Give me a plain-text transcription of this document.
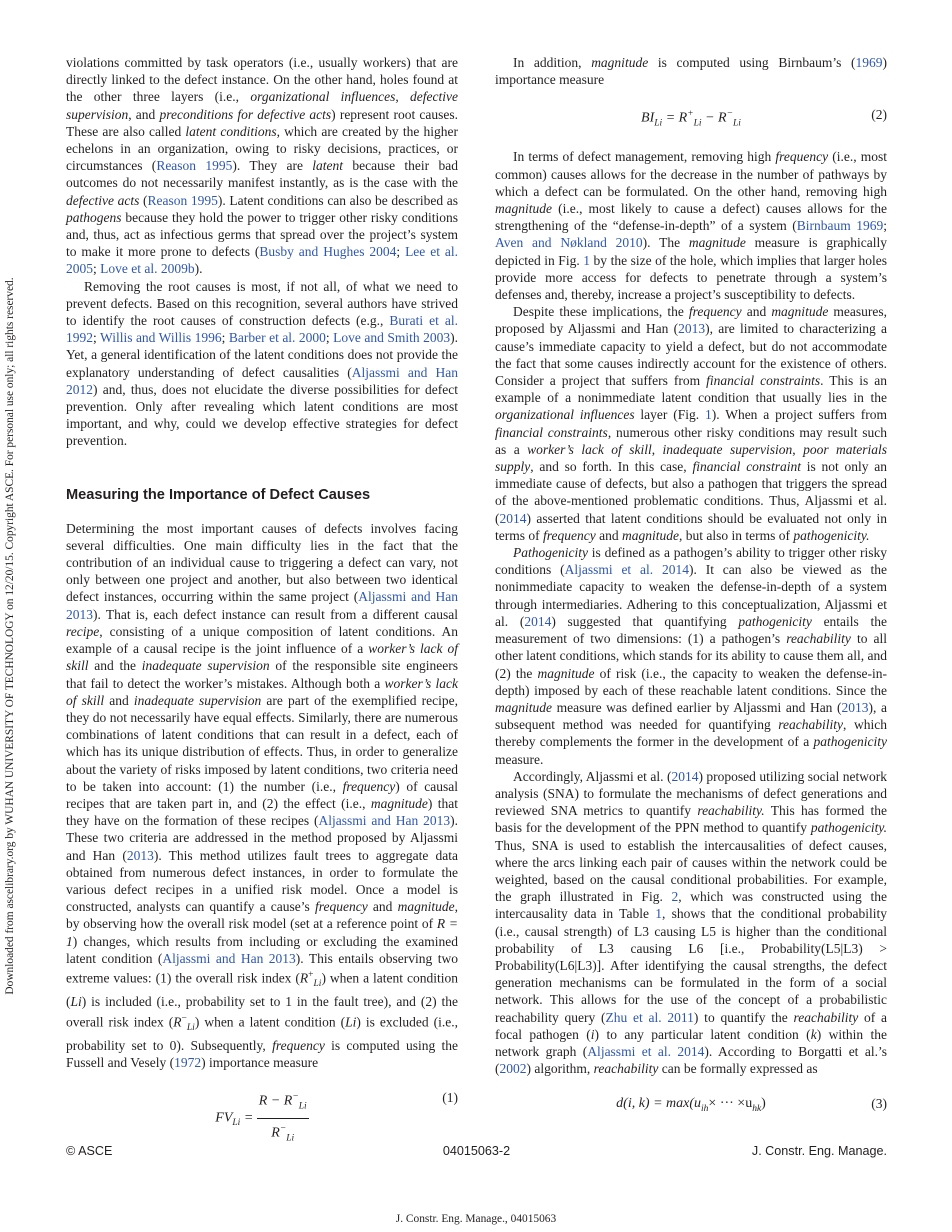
Downloaded from ascelibrary.org by WUHAN UNIVERSITY OF TECHNOLOGY on 12/20/15. Copyright ASCE. For personal use only; all rights reserved.

violations committed by task operators (i.e., usually workers) that are directly linked to the defect instance. On the other hand, holes found at the other three layers (i.e., organizational influences, defective supervision, and preconditions for defective acts) represent root causes. These are also called latent conditions, which are created by the higher echelons in an organization, owing to risky decisions, practices, or circumstances (Reason 1995). They are latent because their bad outcomes do not necessarily manifest instantly, as is the case with the defective acts (Reason 1995). Latent conditions can also be described as pathogens because they hold the power to trigger other risky conditions and, thus, act as infectious germs that spread over the project’s system to make it more prone to defects (Busby and Hughes 2004; Lee et al. 2005; Love et al. 2009b).

Removing the root causes is most, if not all, of what we need to prevent defects. Based on this recognition, several authors have strived to identify the root causes of construction defects (e.g., Burati et al. 1992; Willis and Willis 1996; Barber et al. 2000; Love and Smith 2003). Yet, a general identification of the latent conditions does not provide the explanatory understanding of defect causalities (Aljassmi and Han 2012) and, thus, does not elucidate the diverse possibilities for defect prevention. Only after revealing which latent conditions are most important, and why, could we develop effective strategies for defect prevention.

Measuring the Importance of Defect Causes

Determining the most important causes of defects involves facing several difficulties. One main difficulty lies in the fact that the contribution of an individual cause to triggering a defect can vary, not only between one project and another, but also between two identical defect instances, occurring within the same project (Aljassmi and Han 2013). That is, each defect instance can result from a different causal recipe, consisting of a unique composition of latent conditions. An example of a causal recipe is the joint influence of a worker’s lack of skill and the inadequate supervision of the responsible site engineers that fail to detect the worker’s mistakes. Although both a worker’s lack of skill and inadequate supervision are part of the exemplified recipe, they do not necessarily have equal effects. Similarly, there are numerous combinations of latent conditions that can result in a defect, each of which has its unique distribution of effects. Thus, in order to generalize about the variety of risks imposed by latent conditions, two criteria need to be taken into account: (1) the number (i.e., frequency) of causal recipes that are taken part in, and (2) the effect (i.e., magnitude) that they have on the formation of these recipes (Aljassmi and Han 2013). These two criteria are addressed in the method proposed by Aljassmi and Han (2013). This method utilizes fault trees to aggregate data obtained from numerous defect instances, in order to formulate the various defect recipes in a unified risk model. Once a model is constructed, analysts can quantify a cause’s frequency and magnitude, by observing how the overall risk model (set at a reference point of R = 1) changes, which results from including or excluding the examined latent condition (Aljassmi and Han 2013). This entails observing two extreme values: (1) the overall risk index $(R^+_{Li})$ when a latent condition (Li) is included (i.e., probability set to 1 in the fault tree), and (2) the overall risk index $(R^-_{Li})$ when a latent condition (Li) is excluded (i.e., probability set to 0). Subsequently, frequency is computed using the Fussell and Vesely (1972) importance measure

$FV_{Li} = \frac{R - R^-_{Li}}{R^-_{Li}}$	(1)

In addition, magnitude is computed using Birnbaum’s (1969) importance measure

$BI_{Li} = R^+_{Li} - R^-_{Li}$
(2)

In terms of defect management, removing high frequency (i.e., most common) causes allows for the decrease in the number of pathways by which a defect can be formulated. On the other hand, removing high magnitude (i.e., most likely to cause a defect) causes allows for the strengthening of the “defense-in-depth” of a system (Birnbaum 1969; Aven and Nøkland 2010). The magnitude measure is graphically depicted in Fig. 1 by the size of the hole, which implies that larger holes provide more access for defects to penetrate through a system’s defenses and, thereby, increase a project’s susceptibility to defects.

Despite these implications, the frequency and magnitude measures, proposed by Aljassmi and Han (2013), are limited to characterizing a cause’s immediate capacity to yield a defect, but do not accommodate the fact that some causes indirectly account for the existence of others. Consider a project that suffers from financial constraints. This is an example of a nonimmediate latent condition that usually lies in the organizational influences layer (Fig. 1). When a project suffers from financial constraints, numerous other risky conditions may result such as a worker’s lack of skill, inadequate supervision, poor materials supply, and so forth. In this case, financial constraint is not only an immediate cause of defects, but also a pathogen that triggers the spread of the above-mentioned problematic conditions. Thus, Aljassmi et al. (2014) asserted that latent conditions should be evaluated not only in terms of frequency and magnitude, but also in terms of pathogenicity.

Pathogenicity is defined as a pathogen’s ability to trigger other risky conditions (Aljassmi et al. 2014). It can also be viewed as the nonimmediate capacity to weaken the defense-in-depth of a system through intermediaries. Adhering to this conceptualization, Aljassmi et al. (2014) suggested that quantifying pathogenicity entails the measurement of two dimensions: (1) a pathogen’s reachability to all other latent conditions, which stands for its ability to cause them all, and (2) the magnitude of risk (i.e., the capacity to weaken the defense-in-depth) imposed by each of these reachable latent conditions. Since the magnitude measure was defined earlier by Aljassmi and Han (2013), a subsequent method was needed for quantifying reachability, which thereby complements the former in the development of a pathogenicity measure.

Accordingly, Aljassmi et al. (2014) proposed utilizing social network analysis (SNA) to formulate the mechanisms of defect generations and reviewed SNA metrics to quantify reachability. This has formed the basis for the development of the PPN method to quantify pathogenicity. Thus, SNA is used to establish the intercausalities of defect causes, where the arcs linking each pair of causes within the network could be weighted, based on the causal conditional probabilities. For example, the graph illustrated in Fig. 2, which was constructed using the intercausality data in Table 1, shows that the conditional probability (i.e., causal strength) of L3 causing L5 is higher than the conditional probability of L3 causing L6 [i.e., Probability(L5|L3) > Probability(L6|L3)]. After identifying the causal strengths, the defect generation mechanisms can be formulated in the form of a social network. This allows for the use of the concept of a probabilistic reachability query (Zhu et al. 2011) to quantify the reachability of a focal pathogen (i) to any particular latent condition (k) within the network graph (Aljassmi et al. 2014). According to Borgatti et al.’s (2002) algorithm, reachability can be formally expressed as

d(i, $k) = \max(u_{ih}\times$ ··· $\times u_{hk}$)	(3)
© ASCE	04015063-2	J. Constr. Eng. Manage.
J. Constr. Eng. Manage., 04015063
